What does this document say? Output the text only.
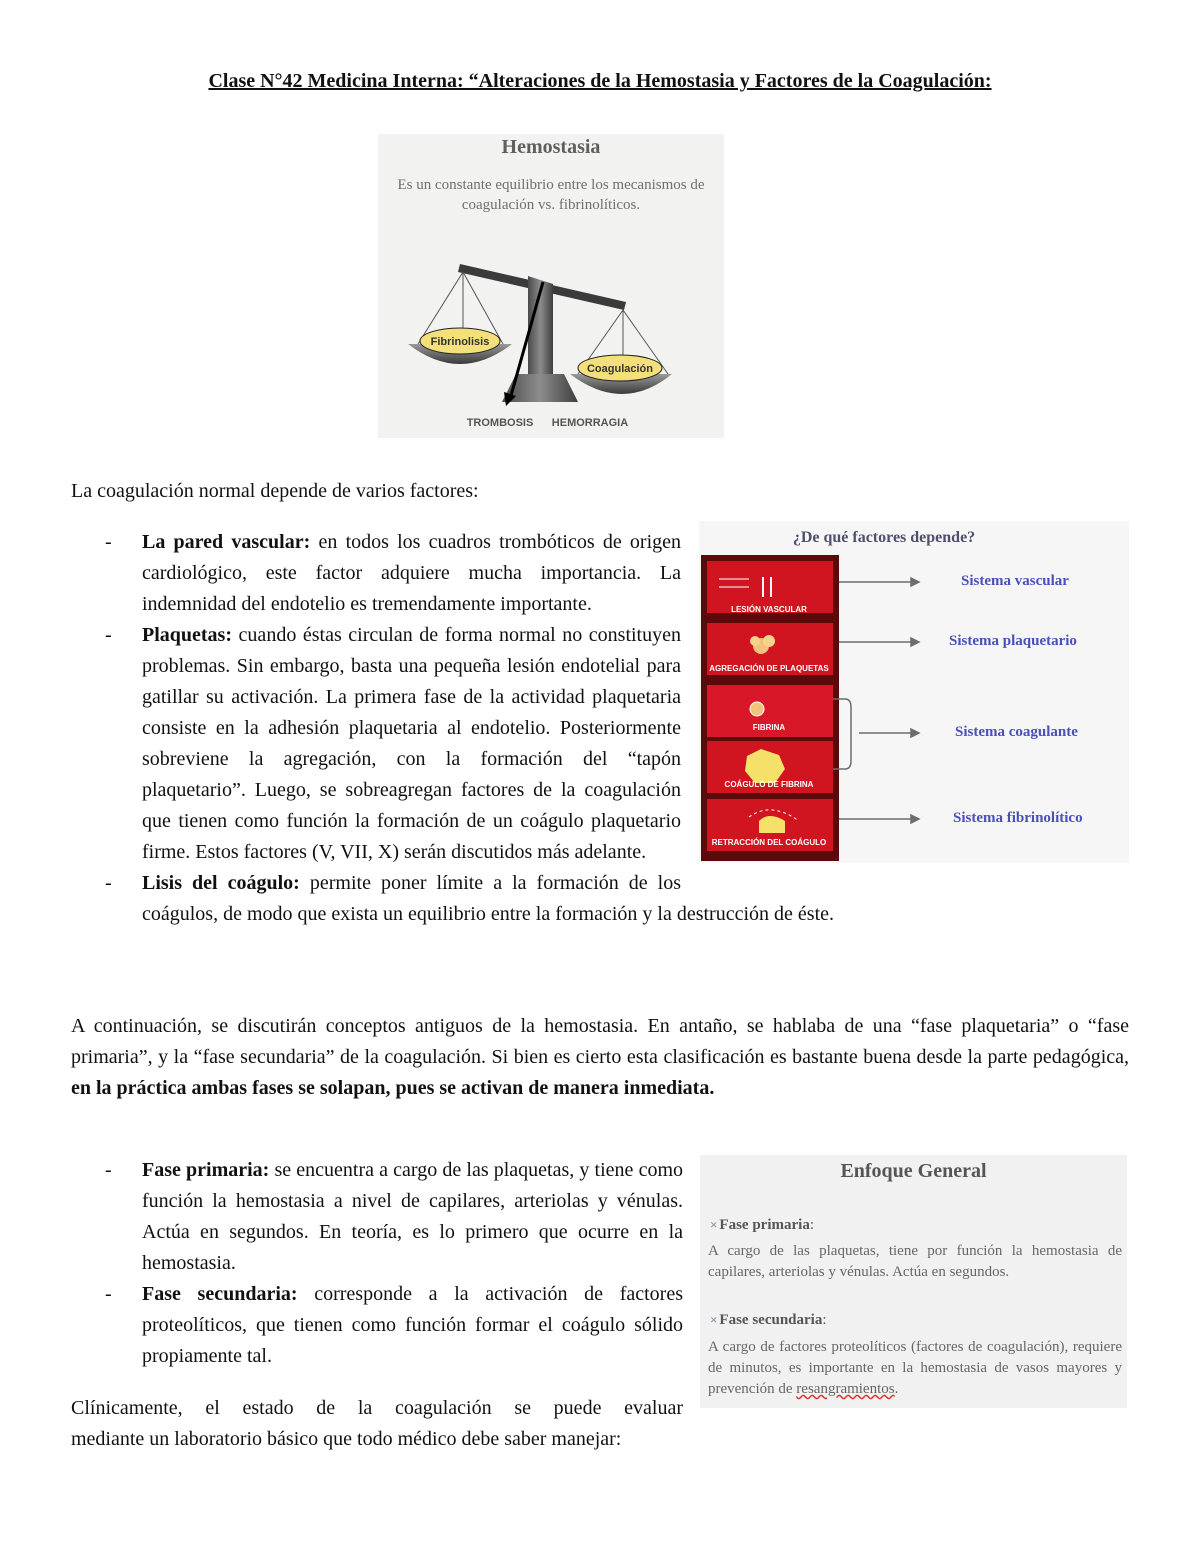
Clase N°42 Medicina Interna: “Alteraciones de la Hemostasia y Factores de la Coagulación:
Hemostasia
Es un constante equilibrio entre los mecanismos de
coagulación vs. fibrinolíticos.
Fibrinolisis
Coagulación
TROMBOSIS HEMORRAGIA

La coagulación normal depende de varios factores:

¿De qué factores depende?
LESIÓN VASCULAR
AGREGACIÓN DE PLAQUETAS
FIBRINA
COÁGULO DE FIBRINA
RETRACCIÓN DEL COÁGULO
Sistema vascular
Sistema plaquetario
Sistema coagulante
Sistema fibrinolítico
- La pared vascular: en todos los cuadros trombóticos de origen cardiológico, este factor adquiere mucha importancia. La indemnidad del endotelio es tremendamente importante.
- Plaquetas: cuando éstas circulan de forma normal no constituyen problemas. Sin embargo, basta una pequeña lesión endotelial para gatillar su activación. La primera fase de la actividad plaquetaria consiste en la adhesión plaquetaria al endotelio. Posteriormente sobreviene la agregación, con la formación del “tapón plaquetario”. Luego, se sobreagregan factores de la coagulación que tienen como función la formación de un coágulo plaquetario firme. Estos factores (V, VII, X) serán discutidos más adelante.
- Lisis del coágulo: permite poner límite a la formación de los coágulos, de modo que exista un equilibrio entre la formación y la destrucción de éste.

A continuación, se discutirán conceptos antiguos de la hemostasia. En antaño, se hablaba de una “fase plaquetaria” o “fase primaria”, y la “fase secundaria” de la coagulación. Si bien es cierto esta clasificación es bastante buena desde la parte pedagógica, en la práctica ambas fases se solapan, pues se activan de manera inmediata.

- Fase primaria: se encuentra a cargo de las plaquetas, y tiene como función la hemostasia a nivel de capilares, arteriolas y vénulas. Actúa en segundos. En teoría, es lo primero que ocurre en la hemostasia.
- Fase secundaria: corresponde a la activación de factores proteolíticos, que tienen como función formar el coágulo sólido propiamente tal.
Enfoque General
× Fase primaria:
A cargo de las plaquetas, tiene por función la hemostasia de capilares, arteriolas y vénulas. Actúa en segundos.
× Fase secundaria:
A cargo de factores proteolíticos (factores de coagulación), requiere de minutos, es importante en la hemostasia de vasos mayores y prevención de resangramientos.

Clínicamente, el estado de la coagulación se puede evaluar
mediante un laboratorio básico que todo médico debe saber manejar:
